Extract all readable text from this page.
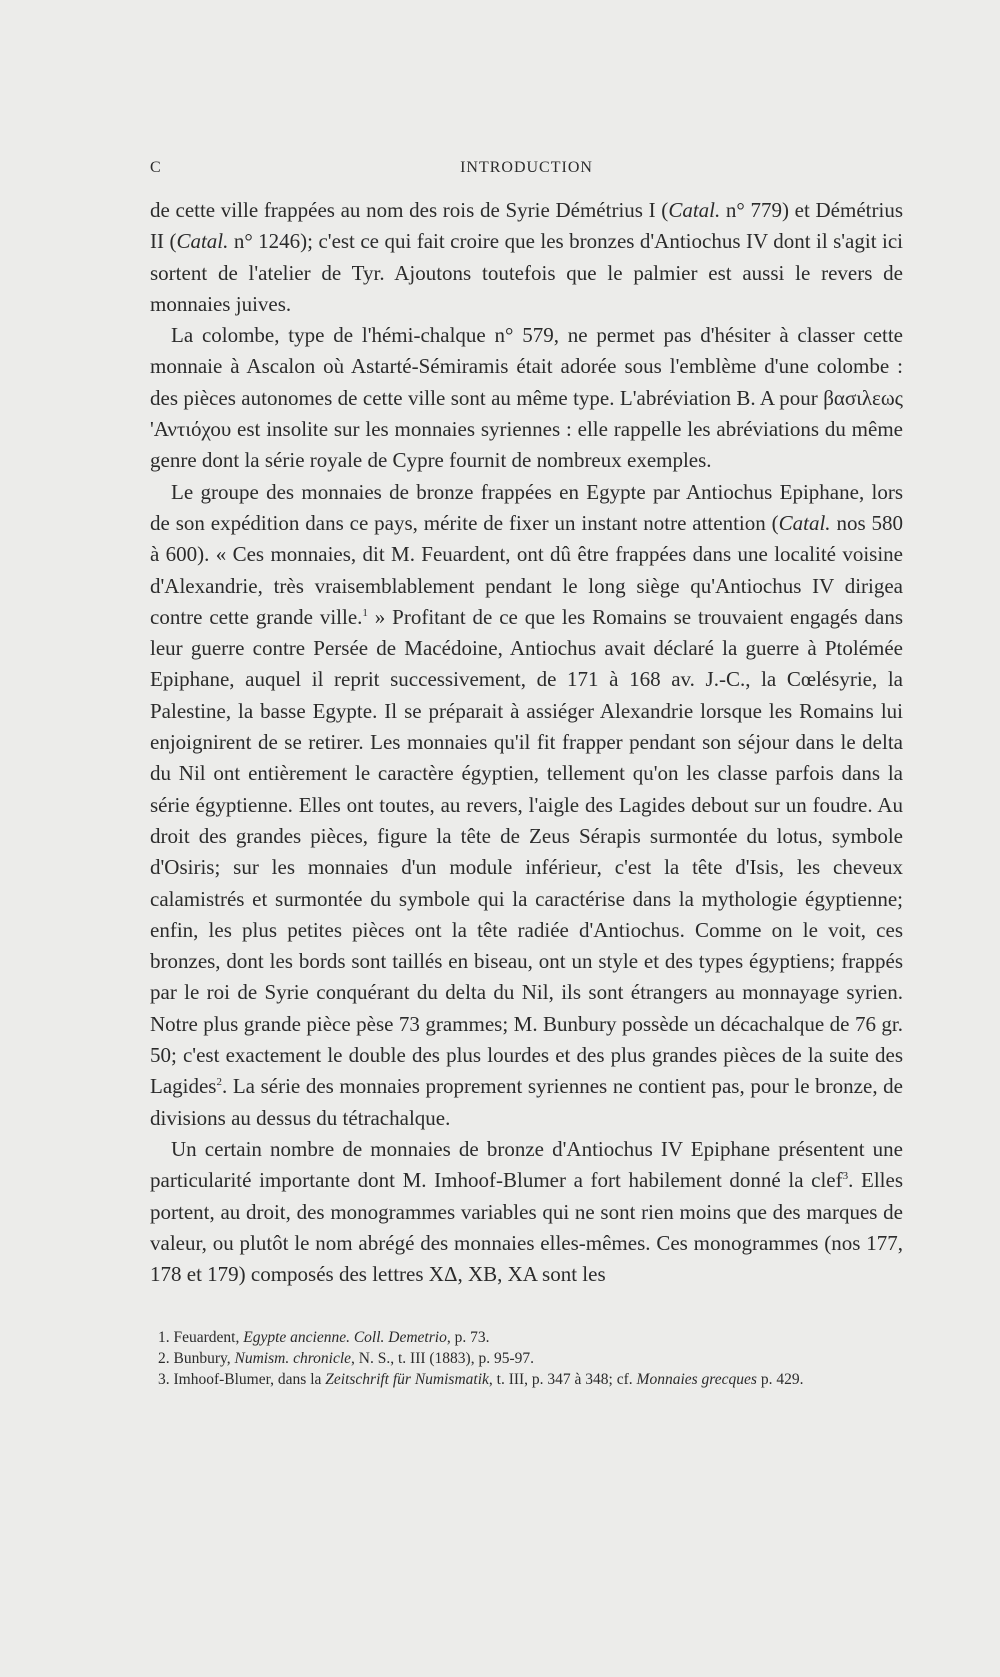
C	INTRODUCTION

de cette ville frappées au nom des rois de Syrie Démétrius I (Catal. n° 779) et Démétrius II (Catal. n° 1246); c'est ce qui fait croire que les bronzes d'Antiochus IV dont il s'agit ici sortent de l'atelier de Tyr. Ajoutons toutefois que le palmier est aussi le revers de monnaies juives.

La colombe, type de l'hémi-chalque n° 579, ne permet pas d'hésiter à classer cette monnaie à Ascalon où Astarté-Sémiramis était adorée sous l'emblème d'une colombe : des pièces autonomes de cette ville sont au même type. L'abréviation B. A pour βασιλεως 'Αντιόχου est insolite sur les monnaies syriennes : elle rappelle les abréviations du même genre dont la série royale de Cypre fournit de nombreux exemples.

Le groupe des monnaies de bronze frappées en Egypte par Antiochus Epiphane, lors de son expédition dans ce pays, mérite de fixer un instant notre attention (Catal. nos 580 à 600). « Ces monnaies, dit M. Feuardent, ont dû être frappées dans une localité voisine d'Alexandrie, très vraisemblablement pendant le long siège qu'Antiochus IV dirigea contre cette grande ville.$^1$ » Profitant de ce que les Romains se trouvaient engagés dans leur guerre contre Persée de Macédoine, Antiochus avait déclaré la guerre à Ptolémée Epiphane, auquel il reprit successivement, de 171 à 168 av. J.-C., la Cœlésyrie, la Palestine, la basse Egypte. Il se préparait à assiéger Alexandrie lorsque les Romains lui enjoignirent de se retirer. Les monnaies qu'il fit frapper pendant son séjour dans le delta du Nil ont entièrement le caractère égyptien, tellement qu'on les classe parfois dans la série égyptienne. Elles ont toutes, au revers, l'aigle des Lagides debout sur un foudre. Au droit des grandes pièces, figure la tête de Zeus Sérapis surmontée du lotus, symbole d'Osiris; sur les monnaies d'un module inférieur, c'est la tête d'Isis, les cheveux calamistrés et surmontée du symbole qui la caractérise dans la mythologie égyptienne; enfin, les plus petites pièces ont la tête radiée d'Antiochus. Comme on le voit, ces bronzes, dont les bords sont taillés en biseau, ont un style et des types égyptiens; frappés par le roi de Syrie conquérant du delta du Nil, ils sont étrangers au monnayage syrien. Notre plus grande pièce pèse 73 grammes; M. Bunbury possède un décachalque de 76 gr. 50; c'est exactement le double des plus lourdes et des plus grandes pièces de la suite des Lagides$^2$. La série des monnaies proprement syriennes ne contient pas, pour le bronze, de divisions au dessus du tétrachalque.

Un certain nombre de monnaies de bronze d'Antiochus IV Epiphane présentent une particularité importante dont M. Imhoof-Blumer a fort habilement donné la clef$^3$. Elles portent, au droit, des monogrammes variables qui ne sont rien moins que des marques de valeur, ou plutôt le nom abrégé des monnaies elles-mêmes. Ces monogrammes (nos 177, 178 et 179) composés des lettres XΔ, XB, XA sont les

1. Feuardent, Egypte ancienne. Coll. Demetrio, p. 73.

2. Bunbury, Numism. chronicle, N. S., t. III (1883), p. 95-97.

3. Imhoof-Blumer, dans la Zeitschrift für Numismatik, t. III, p. 347 à 348; cf. Monnaies grecques p. 429.
